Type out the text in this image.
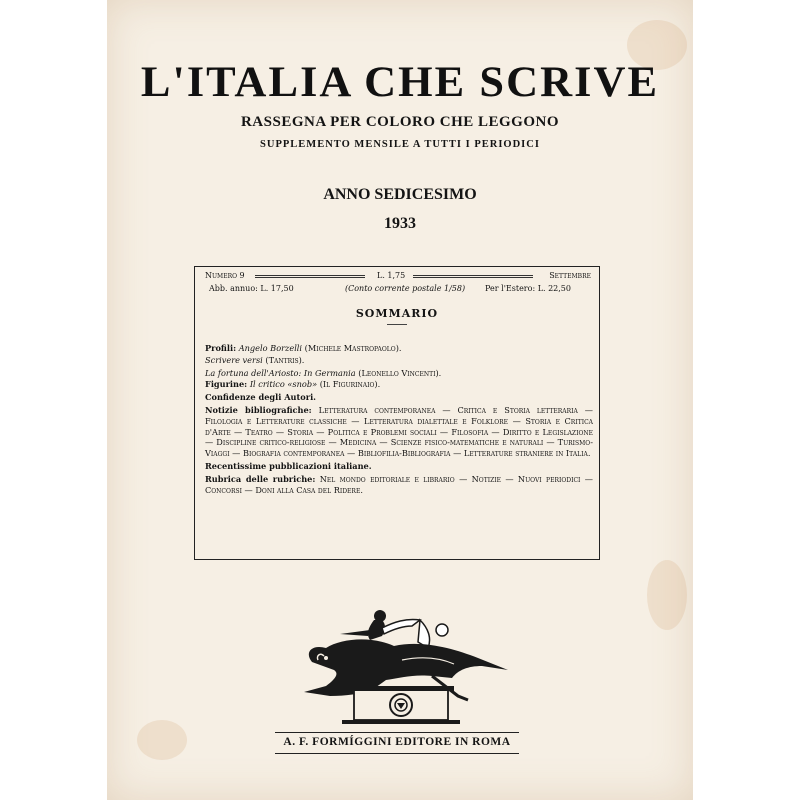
L'ITALIA CHE SCRIVE
RASSEGNA PER COLORO CHE LEGGONO
SUPPLEMENTO MENSILE A TUTTI I PERIODICI
ANNO SEDICESIMO
1933
Numero 9	L. 1,75	Settembre
Abb. annuo: L. 17,50	(Conto corrente postale 1/58) Per l'Estero: L. 22,50
SOMMARIO
Profili: Angelo Borzelli (Michele Mastropaolo).
Scrivere versi (Tantris).
La fortuna dell'Ariosto: In Germania (Leonello Vincenti).
Figurine: Il critico «snob» (Il Figurinaio).
Confidenze degli Autori.
Notizie bibliografiche: Letteratura contemporanea — Critica e Storia letteraria — Filologia e Letterature classiche — Letteratura dialettale e Folklore — Storia e Critica d'Arte — Teatro — Storia — Politica e Problemi sociali — Filosofia — Diritto e Legislazione — Discipline critico-religiose — Medicina — Scienze fisico-matematiche e naturali — Turismo-Viaggi — Biografia contemporanea — Bibliofilia-Bibliografia — Letterature straniere in Italia.
Recentissime pubblicazioni italiane.
Rubrica delle rubriche: Nel mondo editoriale e librario — Notizie — Nuovi periodici — Concorsi — Doni alla Casa del Ridere.
A. F. FORMÍGGINI EDITORE IN ROMA
